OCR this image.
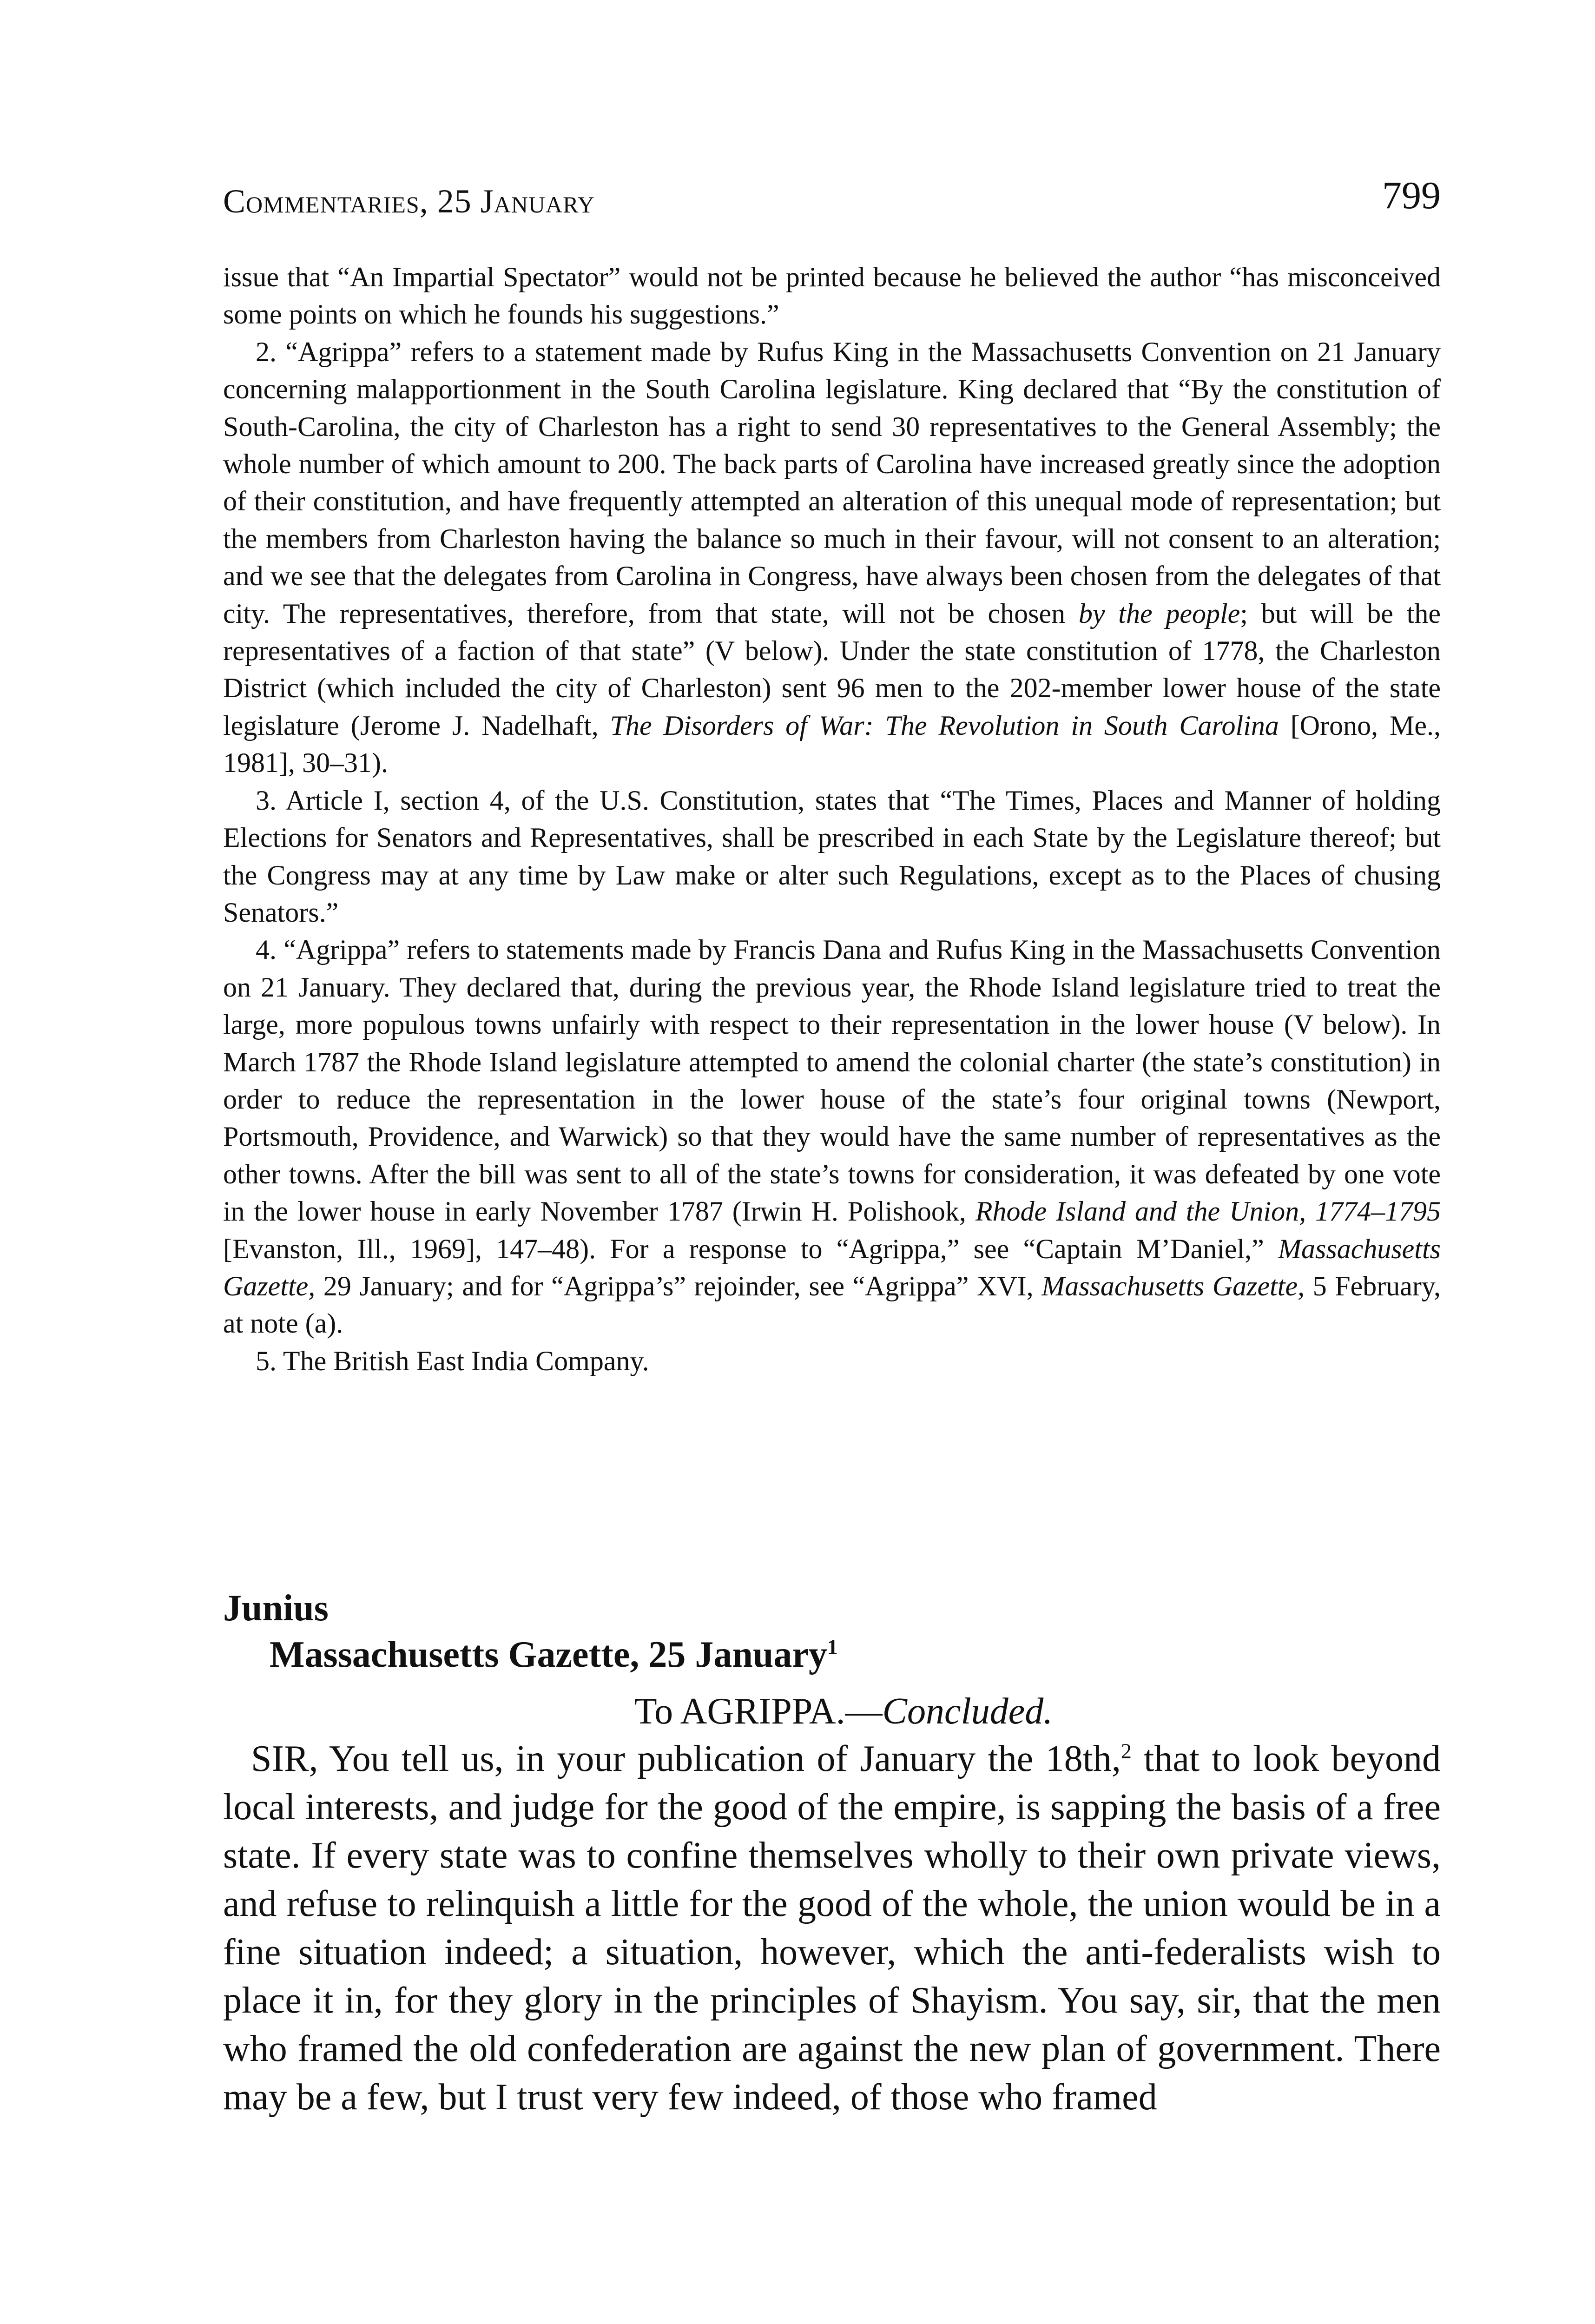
Commentaries, 25 January	799

issue that “An Impartial Spectator” would not be printed because he believed the author “has misconceived some points on which he founds his suggestions.”

2. “Agrippa” refers to a statement made by Rufus King in the Massachusetts Convention on 21 January concerning malapportionment in the South Carolina legislature. King declared that “By the constitution of South-Carolina, the city of Charleston has a right to send 30 representatives to the General Assembly; the whole number of which amount to 200. The back parts of Carolina have increased greatly since the adoption of their constitution, and have frequently attempted an alteration of this unequal mode of representation; but the members from Charleston having the balance so much in their favour, will not consent to an alteration; and we see that the delegates from Carolina in Congress, have always been chosen from the delegates of that city. The representatives, therefore, from that state, will not be chosen by the people; but will be the representatives of a faction of that state” (V below). Under the state constitution of 1778, the Charleston District (which included the city of Charleston) sent 96 men to the 202-member lower house of the state legislature (Jerome J. Nadelhaft, The Disorders of War: The Revolution in South Carolina [Orono, Me., 1981], 30–31).

3. Article I, section 4, of the U.S. Constitution, states that “The Times, Places and Manner of holding Elections for Senators and Representatives, shall be prescribed in each State by the Legislature thereof; but the Congress may at any time by Law make or alter such Regulations, except as to the Places of chusing Senators.”

4. “Agrippa” refers to statements made by Francis Dana and Rufus King in the Massachusetts Convention on 21 January. They declared that, during the previous year, the Rhode Island legislature tried to treat the large, more populous towns unfairly with respect to their representation in the lower house (V below). In March 1787 the Rhode Island legislature attempted to amend the colonial charter (the state’s constitution) in order to reduce the representation in the lower house of the state’s four original towns (Newport, Portsmouth, Providence, and Warwick) so that they would have the same number of representatives as the other towns. After the bill was sent to all of the state’s towns for consideration, it was defeated by one vote in the lower house in early November 1787 (Irwin H. Polishook, Rhode Island and the Union, 1774–1795 [Evanston, Ill., 1969], 147–48). For a response to “Agrippa,” see “Captain M’Daniel,” Massachusetts Gazette, 29 January; and for “Agrippa’s” rejoinder, see “Agrippa” XVI, Massachusetts Gazette, 5 February, at note (a).

5. The British East India Company.

Junius

Massachusetts Gazette, 25 January$^1$

To AGRIPPA.—Concluded.

SIR, You tell us, in your publication of January the 18th,$^2$ that to look beyond local interests, and judge for the good of the empire, is sapping the basis of a free state. If every state was to confine themselves wholly to their own private views, and refuse to relinquish a little for the good of the whole, the union would be in a fine situation indeed; a situation, however, which the anti-federalists wish to place it in, for they glory in the principles of Shayism. You say, sir, that the men who framed the old confederation are against the new plan of government. There may be a few, but I trust very few indeed, of those who framed
